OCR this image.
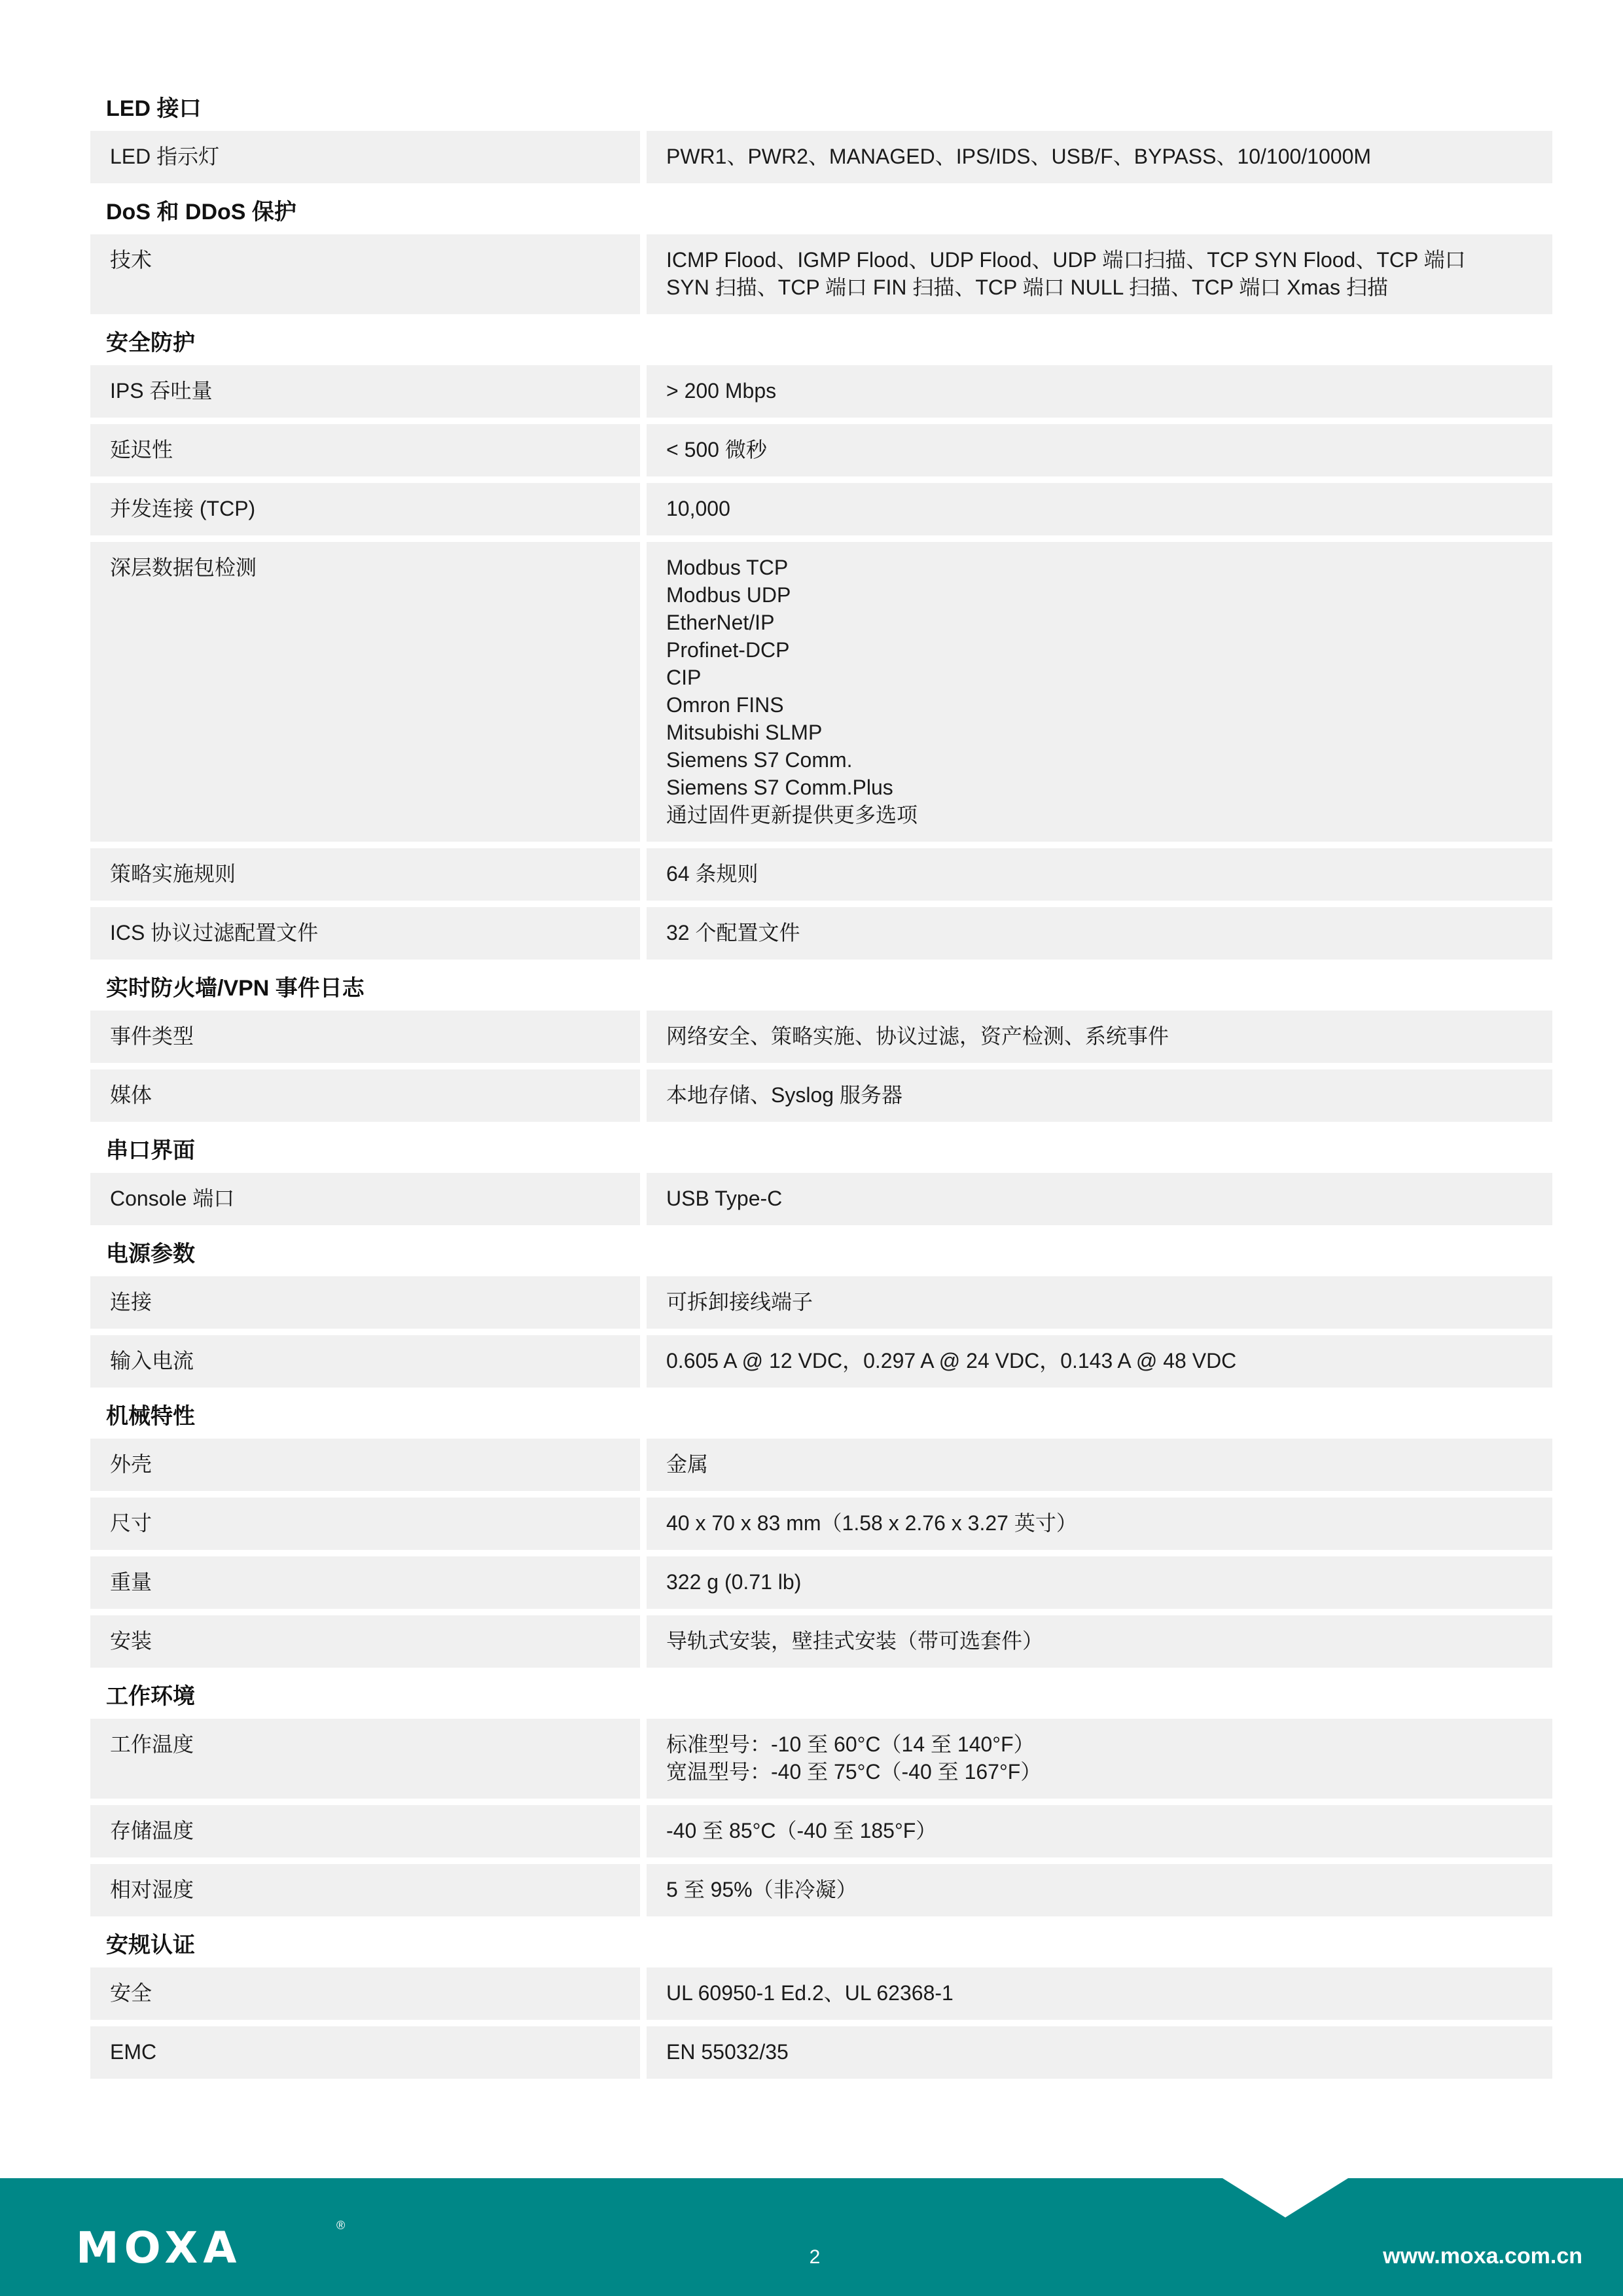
LED 接口
LED 指示灯	PWR1、PWR2、MANAGED、IPS/IDS、USB/F、BYPASS、10/100/1000M
DoS 和 DDoS 保护
技术	ICMP Flood、IGMP Flood、UDP Flood、UDP 端口扫描、TCP SYN Flood、TCP 端口
SYN 扫描、TCP 端口 FIN 扫描、TCP 端口 NULL 扫描、TCP 端口 Xmas 扫描
安全防护
IPS 吞吐量	> 200 Mbps
延迟性	< 500 微秒
并发连接 (TCP)	10,000
深层数据包检测	Modbus TCP
Modbus UDP
EtherNet/IP
Profinet-DCP
CIP
Omron FINS
Mitsubishi SLMP
Siemens S7 Comm.
Siemens S7 Comm.Plus
通过固件更新提供更多选项
策略实施规则	64 条规则
ICS 协议过滤配置文件	32 个配置文件
实时防火墙/VPN 事件日志
事件类型	网络安全、策略实施、协议过滤，资产检测、系统事件
媒体	本地存储、Syslog 服务器
串口界面
Console 端口	USB Type-C
电源参数
连接	可拆卸接线端子
输入电流	0.605 A @ 12 VDC，0.297 A @ 24 VDC，0.143 A @ 48 VDC
机械特性
外壳	金属
尺寸	40 x 70 x 83 mm（1.58 x 2.76 x 3.27 英寸）
重量	322 g (0.71 lb)
安装	导轨式安装，壁挂式安装（带可选套件）
工作环境
工作温度	标准型号：-10 至 60°C（14 至 140°F）
宽温型号：-40 至 75°C（-40 至 167°F）
存储温度	-40 至 85°C（-40 至 185°F）
相对湿度	5 至 95%（非冷凝）
安规认证
安全	UL 60950-1 Ed.2、UL 62368-1
EMC	EN 55032/35
MOXA	®
2	www.moxa.com.cn
